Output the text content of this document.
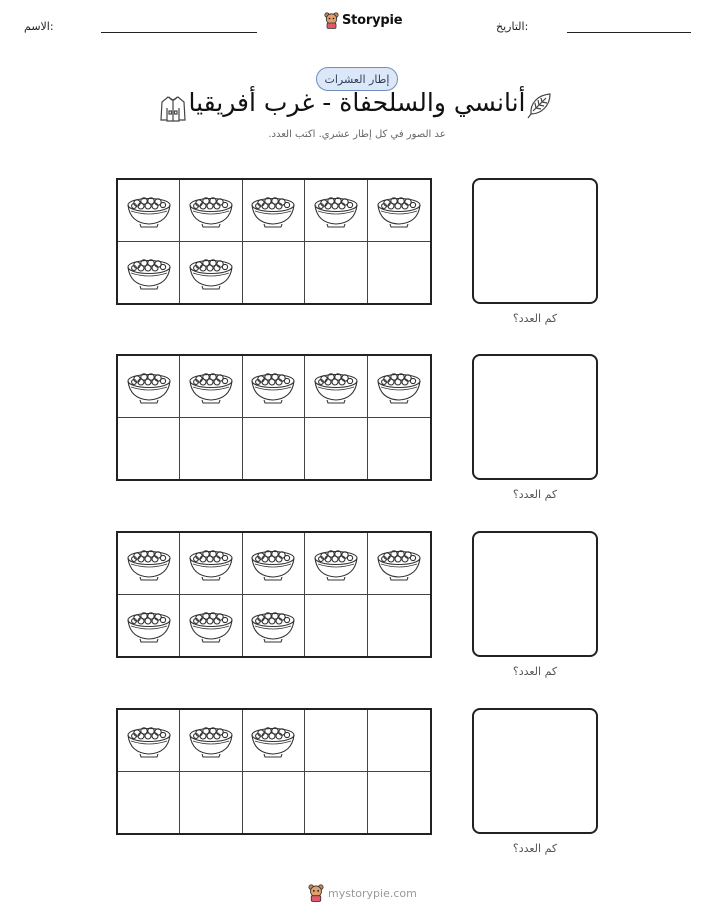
الاسم:	Storypie	التاريخ:
إطار العشرات
أنانسي والسلحفاة - غرب أفريقيا
عد الصور في كل إطار عشري. اكتب العدد.
كم العدد؟
كم العدد؟
كم العدد؟
كم العدد؟
mystorypie.com
